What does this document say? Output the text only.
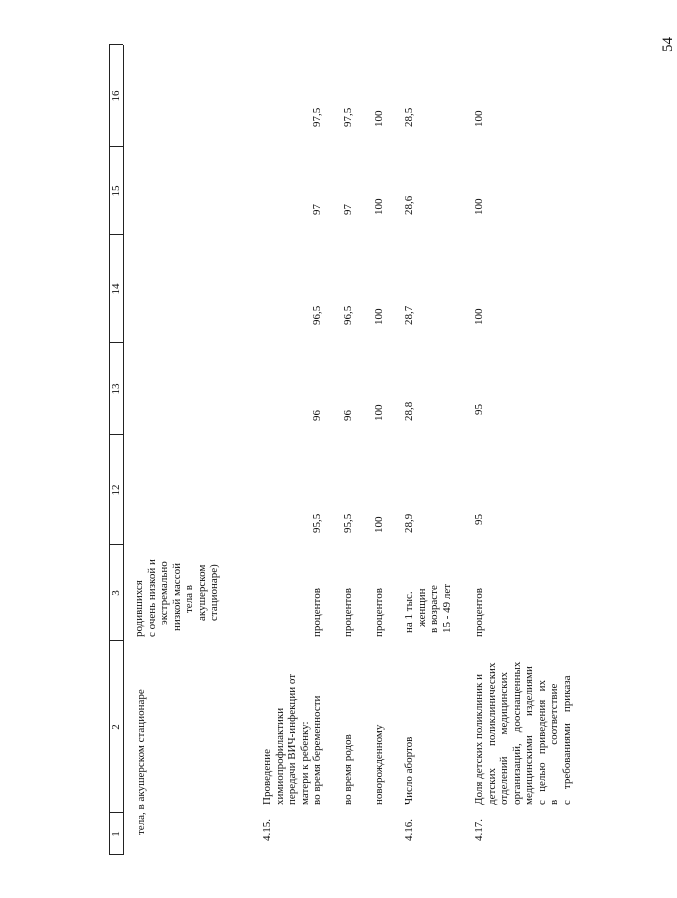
54
1
2
3
12
13
14
15
16
тела, в акушерском стационаре
родившихся с очень низкой и экстремально низкой массой тела в акушерском стационаре)
4.15.
Проведение химиопрофилактики передачи ВИЧ-инфекции от матери к ребенку: во время беременности
процентов
95,5
96
96,5
97
97,5
во время родов
процентов
95,5
96
96,5
97
97,5
новорожденному
процентов
100
100
100
100
100
4.16.
Число абортов
на 1 тыс. женщин в возрасте 15 - 49 лет
28,9
28,8
28,7
28,6
28,5
4.17.
Доля детских поликлиник и детских        поликлинических отделений        медицинских организаций,    дооснащенных медицинскими       изделиями с   целью   приведения   их в                    соответствие с    требованиями    приказа
процентов
95
95
100
100
100
